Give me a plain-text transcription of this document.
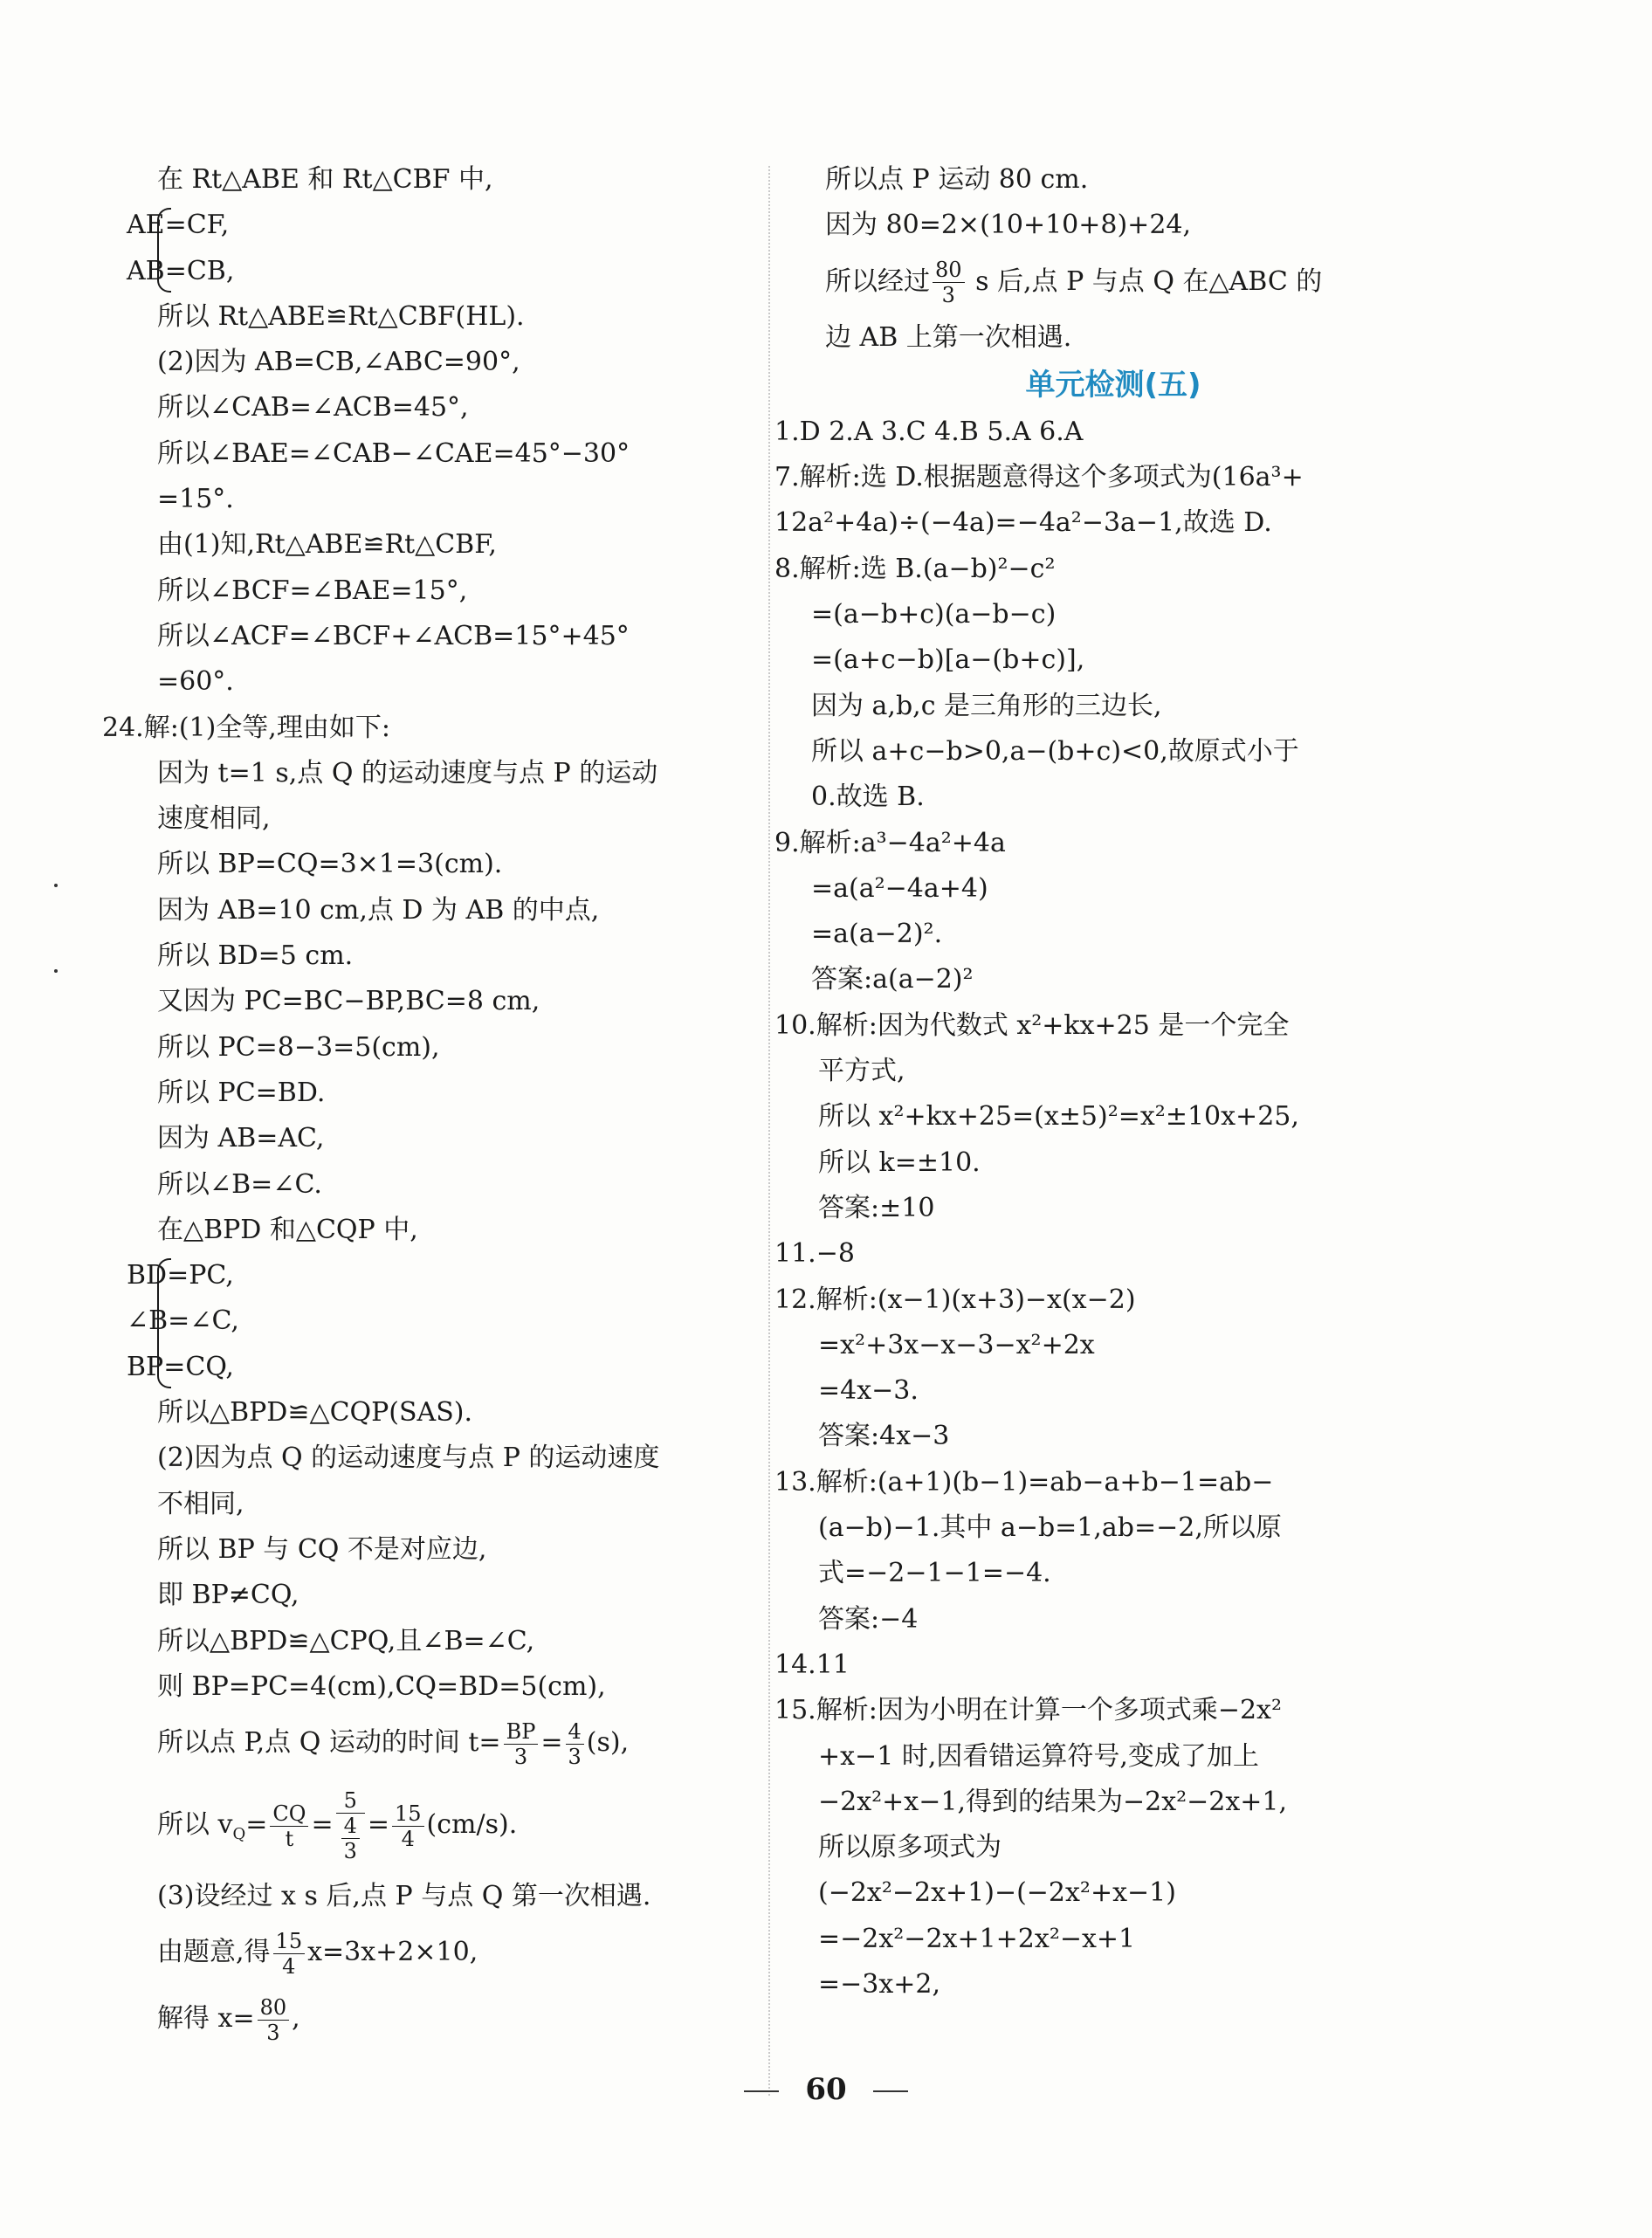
在 Rt△ABE 和 Rt△CBF 中,
AE=CF,
AB=CB,
所以 Rt△ABE≌Rt△CBF(HL).
(2)因为 AB=CB,∠ABC=90°,
所以∠CAB=∠ACB=45°,
所以∠BAE=∠CAB−∠CAE=45°−30°
=15°.
由(1)知,Rt△ABE≌Rt△CBF,
所以∠BCF=∠BAE=15°,
所以∠ACF=∠BCF+∠ACB=15°+45°
=60°.
24.解:(1)全等,理由如下:
因为 t=1 s,点 Q 的运动速度与点 P 的运动
速度相同,
所以 BP=CQ=3×1=3(cm).
因为 AB=10 cm,点 D 为 AB 的中点,
所以 BD=5 cm.
又因为 PC=BC−BP,BC=8 cm,
所以 PC=8−3=5(cm),
所以 PC=BD.
因为 AB=AC,
所以∠B=∠C.
在△BPD 和△CQP 中,
BD=PC,
∠B=∠C,
BP=CQ,
所以△BPD≌△CQP(SAS).
(2)因为点 Q 的运动速度与点 P 的运动速度
不相同,
所以 BP 与 CQ 不是对应边,
即 BP≠CQ,
所以△BPD≌△CPQ,且∠B=∠C,
则 BP=PC=4(cm),CQ=BD=5(cm),
所以点 P,点 Q 运动的时间 $t= \frac{BP}{3} = \frac{4}{3} (s)$,
所以 $v_Q= \frac{CQ}{t} = \frac{5}{\frac{4}{3}} = \frac{15}{4} (cm/s)$.
(3)设经过 x s 后,点 P 与点 Q 第一次相遇.
由题意,得 $\frac{15}{4} x=3x+2\times 10$,
解得 $x= \frac{80}{3}$ ,
所以点 P 运动 80 cm.
因为 80=2×(10+10+8)+24,
所以经过 $\frac{80}{3}$ s 后,点 P 与点 Q 在△ABC 的
边 AB 上第一次相遇.
单元检测(五)
1.D 2.A 3.C 4.B 5.A 6.A
7.解析:选 D.根据题意得这个多项式为(16a³+
12a²+4a)÷(−4a)=−4a²−3a−1,故选 D.
8.解析:选 B.(a−b)²−c²
=(a−b+c)(a−b−c)
=(a+c−b)[a−(b+c)],
因为 a,b,c 是三角形的三边长,
所以 a+c−b>0,a−(b+c)<0,故原式小于
0.故选 B.
9.解析:a³−4a²+4a
=a(a²−4a+4)
=a(a−2)².
答案:a(a−2)²
10.解析:因为代数式 x²+kx+25 是一个完全
平方式,
所以 x²+kx+25=(x±5)²=x²±10x+25,
所以 k=±10.
答案:±10
11.−8
12.解析:(x−1)(x+3)−x(x−2)
=x²+3x−x−3−x²+2x
=4x−3.
答案:4x−3
13.解析:(a+1)(b−1)=ab−a+b−1=ab−
(a−b)−1.其中 a−b=1,ab=−2,所以原
式=−2−1−1=−4.
答案:−4
14.11
15.解析:因为小明在计算一个多项式乘−2x²
+x−1 时,因看错运算符号,变成了加上
−2x²+x−1,得到的结果为−2x²−2x+1,
所以原多项式为
(−2x²−2x+1)−(−2x²+x−1)
=−2x²−2x+1+2x²−x+1
=−3x+2,
60
